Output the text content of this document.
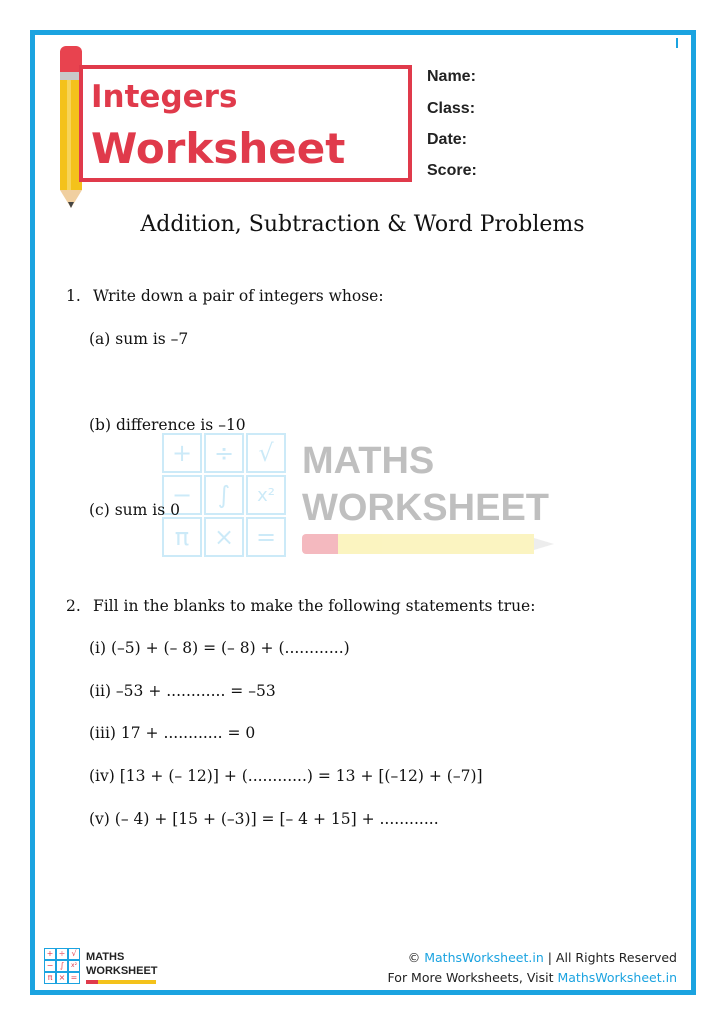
Integers
Worksheet
Name:
Class:
Date:
Score:
Addition, Subtraction & Word Problems
+ ÷	√
−	∫	x²
π	× =
MATHS
WORKSHEET
1. Write down a pair of integers whose:
(a) sum is –7
(b) difference is –10
(c) sum is 0
2. Fill in the blanks to make the following statements true:
(i) (–5) + (– 8) = (– 8) + (............)
(ii) –53 + ............ = –53
(iii) 17 + ............ = 0
(iv) [13 + (– 12)] + (............) = 13 + [(–12) + (–7)]
(v) (– 4) + [15 + (–3)] = [– 4 + 15] + ............
+ ÷ √
− ∫	x²
π × =
MATHS
WORKSHEET
© MathsWorksheet.in | All Rights Reserved
For More Worksheets, Visit MathsWorksheet.in
